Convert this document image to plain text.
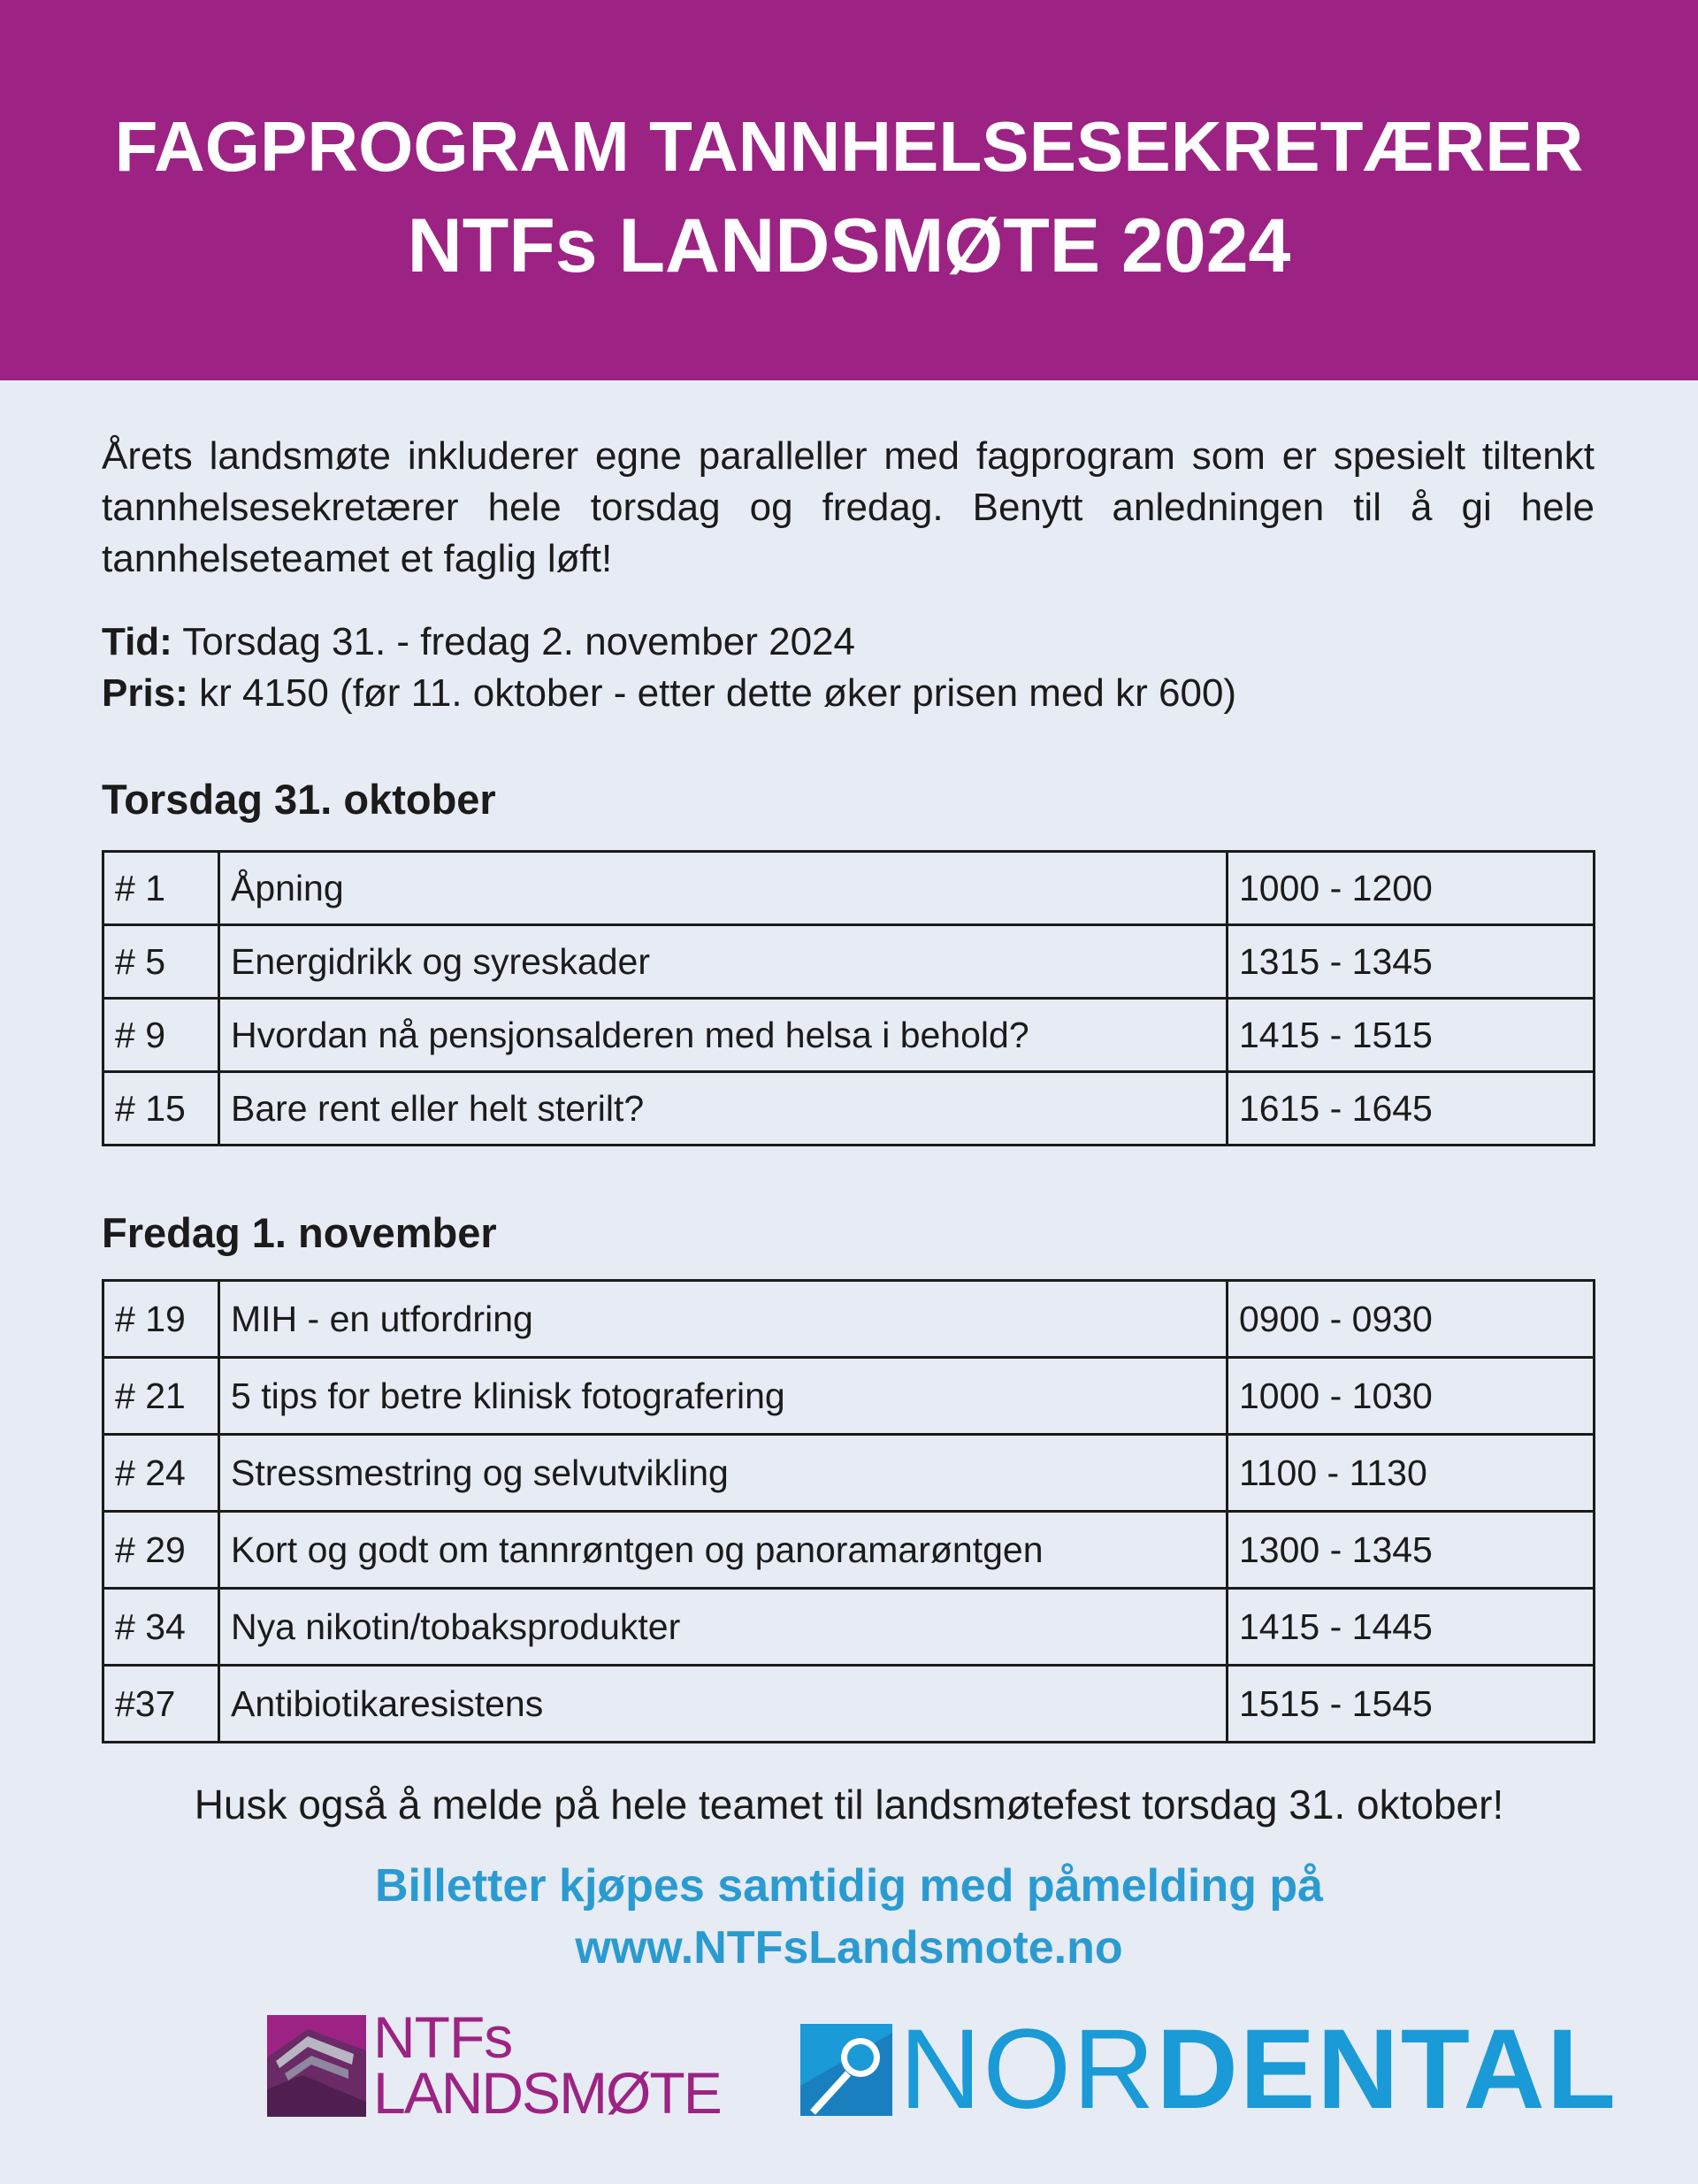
FAGPROGRAM TANNHELSESEKRETÆRER
NTFs LANDSMØTE 2024
Årets landsmøte inkluderer egne paralleller med fagprogram som er spesielt tiltenkt tannhelsesekretærer hele torsdag og fredag. Benytt anledningen til å gi hele tannhelseteamet et faglig løft!
Tid: Torsdag 31. - fredag 2. november 2024
Pris: kr 4150 (før 11. oktober - etter dette øker prisen med kr 600)
Torsdag 31. oktober
# 1	Åpning	1000 - 1200
# 5	Energidrikk og syreskader	1315 - 1345
# 9	Hvordan nå pensjonsalderen med helsa i behold?	1415 - 1515
# 15	Bare rent eller helt sterilt?	1615 - 1645
Fredag 1. november
# 19	MIH - en utfordring	0900 - 0930
# 21	5 tips for betre klinisk fotografering	1000 - 1030
# 24	Stressmestring og selvutvikling	1100 - 1130
# 29	Kort og godt om tannrøntgen og panoramarøntgen	1300 - 1345
# 34	Nya nikotin/tobaksprodukter	1415 - 1445
#37	Antibiotikaresistens	1515 - 1545
Husk også å melde på hele teamet til landsmøtefest torsdag 31. oktober!
Billetter kjøpes samtidig med påmelding på
www.NTFsLandsmote.no
NTFs
LANDSMØTE NORDENTAL
